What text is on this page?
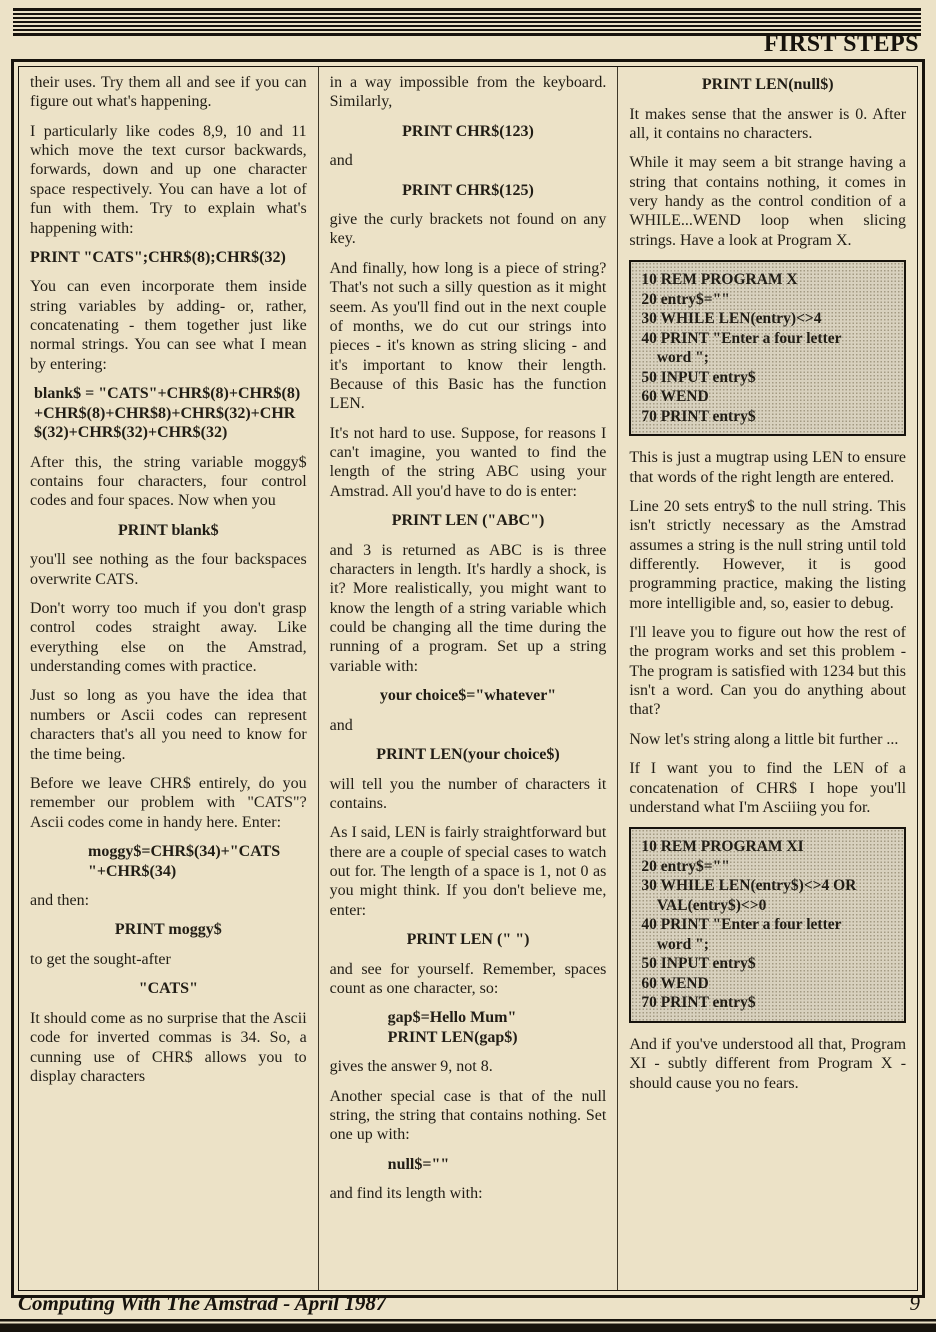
FIRST STEPS

their uses. Try them all and see if you can figure out what's happening.

I particularly like codes 8,9, 10 and 11 which move the text cursor backwards, forwards, down and up one character space respectively. You can have a lot of fun with them. Try to explain what's happening with:

PRINT "CATS";CHR$(8);CHR$(32)

You can even incorporate them inside string variables by adding- or, rather, concatenating - them together just like normal strings. You can see what I mean by entering:

blank$ = "CATS"+CHR$(8)+CHR$(8)+CHR$(8)+CHR$8)+CHR$(32)+CHR$(32)+CHR$(32)+CHR$(32)

After this, the string variable moggy$ contains four characters, four control codes and four spaces. Now when you

PRINT blank$

you'll see nothing as the four backspaces overwrite CATS.

Don't worry too much if you don't grasp control codes straight away. Like everything else on the Amstrad, understanding comes with practice.

Just so long as you have the idea that numbers or Ascii codes can represent characters that's all you need to know for the time being.

Before we leave CHR$ entirely, do you remember our problem with "CATS"? Ascii codes come in handy here. Enter:

moggy$=CHR$(34)+"CATS
"+CHR$(34)

and then:

PRINT moggy$

to get the sought-after

"CATS"

It should come as no surprise that the Ascii code for inverted commas is 34. So, a cunning use of CHR$ allows you to display characters

in a way impossible from the keyboard. Similarly,

PRINT CHR$(123)

and

PRINT CHR$(125)

give the curly brackets not found on any key.

And finally, how long is a piece of string? That's not such a silly question as it might seem. As you'll find out in the next couple of months, we do cut our strings into pieces - it's known as string slicing - and it's important to know their length. Because of this Basic has the function LEN.

It's not hard to use. Suppose, for reasons I can't imagine, you wanted to find the length of the string ABC using your Amstrad. All you'd have to do is enter:

PRINT LEN ("ABC")

and 3 is returned as ABC is is three characters in length. It's hardly a shock, is it? More realistically, you might want to know the length of a string variable which could be changing all the time during the running of a program. Set up a string variable with:

your choice$="whatever"

and

PRINT LEN(your choice$)

will tell you the number of characters it contains.

As I said, LEN is fairly straightforward but there are a couple of special cases to watch out for. The length of a space is 1, not 0 as you might think. If you don't believe me, enter:

PRINT LEN (" ")

and see for yourself. Remember, spaces count as one character, so:

gap$=Hello Mum"
PRINT LEN(gap$)

gives the answer 9, not 8.

Another special case is that of the null string, the string that contains nothing. Set one up with:

null$=""

and find its length with:

PRINT LEN(null$)

It makes sense that the answer is 0. After all, it contains no characters.

While it may seem a bit strange having a string that contains nothing, it comes in very handy as the control condition of a WHILE...WEND loop when slicing strings. Have a look at Program X.

10 REM PROGRAM X
20 entry$=""
30 WHILE LEN(entry)<>4
40 PRINT "Enter a four letter
word ";
50 INPUT entry$
60 WEND
70 PRINT entry$

This is just a mugtrap using LEN to ensure that words of the right length are entered.

Line 20 sets entry$ to the null string. This isn't strictly necessary as the Amstrad assumes a string is the null string until told differently. However, it is good programming practice, making the listing more intelligible and, so, easier to debug.

I'll leave you to figure out how the rest of the program works and set this problem - The program is satisfied with 1234 but this isn't a word. Can you do anything about that?

Now let's string along a little bit further ...

If I want you to find the LEN of a concatenation of CHR$ I hope you'll understand what I'm Asciiing you for.

10 REM PROGRAM XI
20 entry$=""
30 WHILE LEN(entry$)<>4 OR
VAL(entry$)<>0
40 PRINT "Enter a four letter
word ";
50 INPUT entry$
60 WEND
70 PRINT entry$

And if you've understood all that, Program XI - subtly different from Program X - should cause you no fears.

Computing With The Amstrad - April 1987	9
